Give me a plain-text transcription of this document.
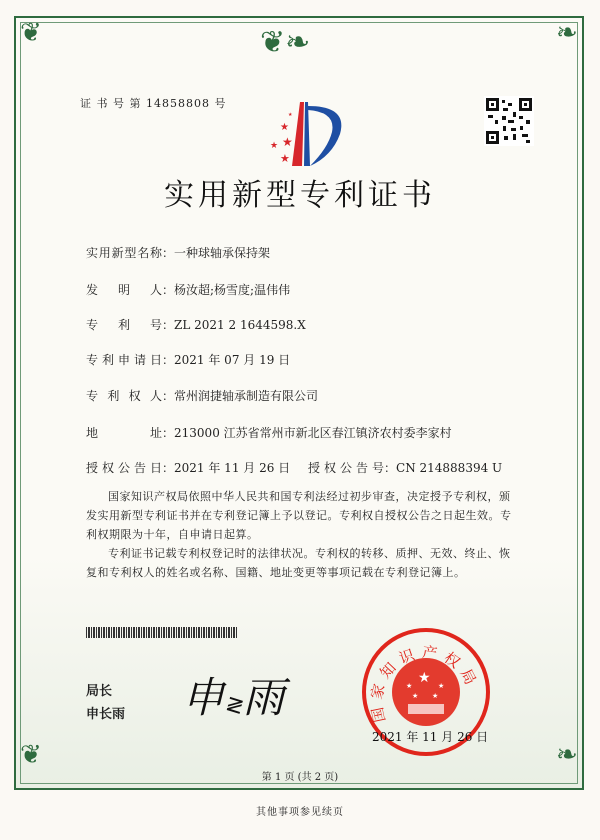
❦❧
❦	❧
❦	❧
证 书 号 第 14858808 号
★
★
★
★
★
实用新型专利证书
实用新型名称：一种球轴承保持架
发明人：杨汝超;杨雪度;温伟伟
专利号：ZL 2021 2 1644598.X
专利申请日：2021 年 07 月 19 日
专利权人：常州润捷轴承制造有限公司
地址：213000 江苏省常州市新北区春江镇济农村委李家村
授权公告日：2021 年 11 月 26 日 授权公告号：CN 214888394 U
国家知识产权局依照中华人民共和国专利法经过初步审查，决定授予专利权，颁发实用新型专利证书并在专利登记簿上予以登记。专利权自授权公告之日起生效。专利权期限为十年，自申请日起算。
专利证书记载专利权登记时的法律状况。专利权的转移、质押、无效、终止、恢复和专利权人的姓名或名称、国籍、地址变更等事项记载在专利登记簿上。
局长
申长雨 申≷雨	★
★	★
★ ★
国家知识产权局
2021 年 11 月 26 日
第 1 页 (共 2 页)
其他事项参见续页
